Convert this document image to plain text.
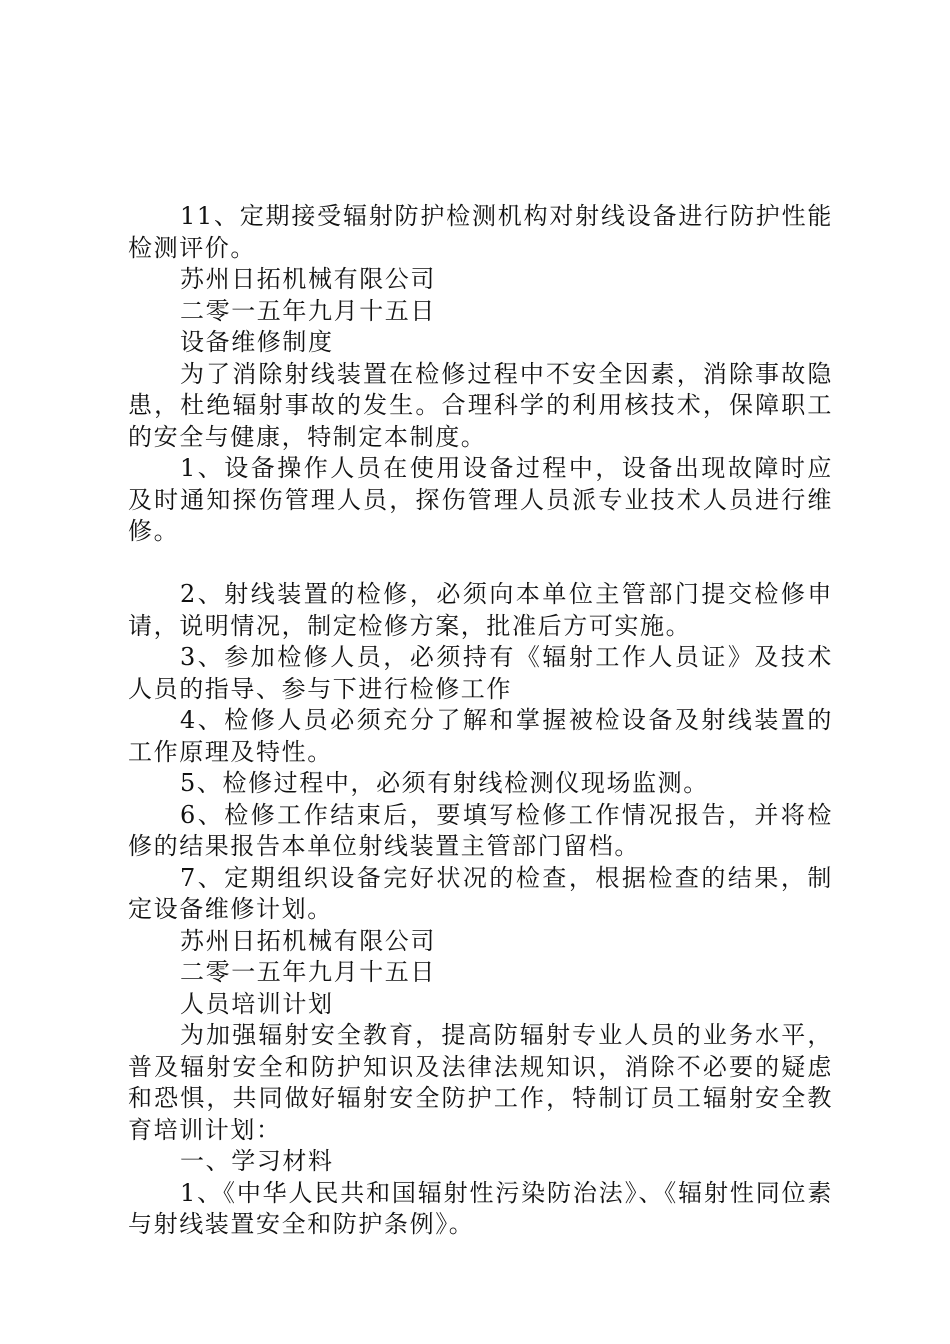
11、定期接受辐射防护检测机构对射线设备进行防护性能检测评价。

苏州日拓机械有限公司

二零一五年九月十五日

设备维修制度

为了消除射线装置在检修过程中不安全因素，消除事故隐患，杜绝辐射事故的发生。合理科学的利用核技术，保障职工的安全与健康，特制定本制度。

1、设备操作人员在使用设备过程中，设备出现故障时应及时通知探伤管理人员，探伤管理人员派专业技术人员进行维修。

2、射线装置的检修，必须向本单位主管部门提交检修申请，说明情况，制定检修方案，批准后方可实施。

3、参加检修人员，必须持有《辐射工作人员证》及技术人员的指导、参与下进行检修工作

4、检修人员必须充分了解和掌握被检设备及射线装置的工作原理及特性。

5、检修过程中，必须有射线检测仪现场监测。

6、检修工作结束后，要填写检修工作情况报告，并将检修的结果报告本单位射线装置主管部门留档。

7、定期组织设备完好状况的检查，根据检查的结果，制定设备维修计划。

苏州日拓机械有限公司

二零一五年九月十五日

人员培训计划

为加强辐射安全教育，提高防辐射专业人员的业务水平，普及辐射安全和防护知识及法律法规知识，消除不必要的疑虑和恐惧，共同做好辐射安全防护工作，特制订员工辐射安全教育培训计划：

一、学习材料

1、《中华人民共和国辐射性污染防治法》、《辐射性同位素与射线装置安全和防护条例》。
